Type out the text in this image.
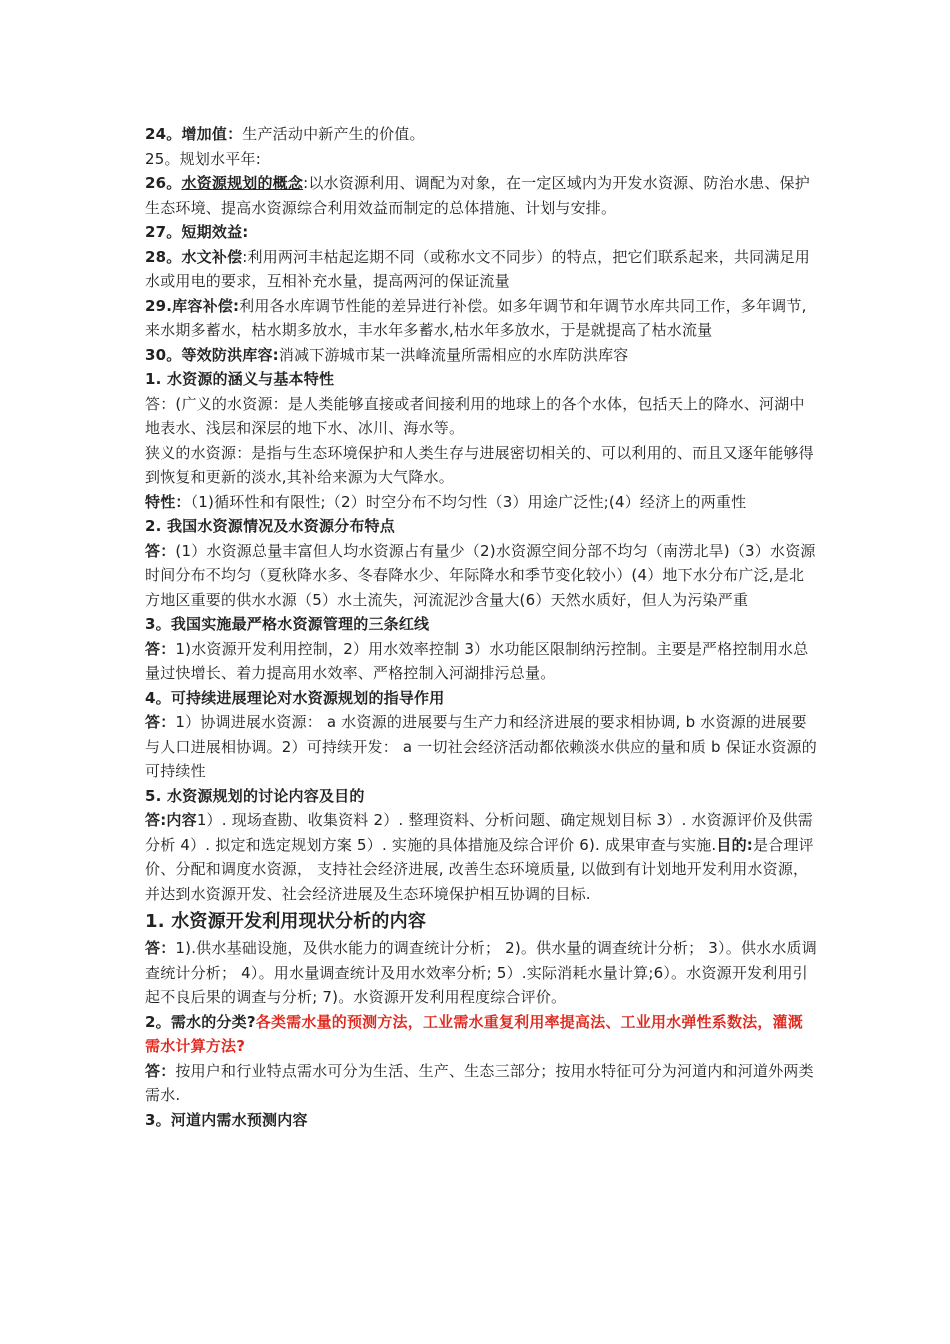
24。增加值：生产活动中新产生的价值。

25。规划水平年:

26。水资源规划的概念:以水资源利用、调配为对象，在一定区域内为开发水资源、防治水患、保护生态环境、提高水资源综合利用效益而制定的总体措施、计划与安排。

27。短期效益:

28。水文补偿:利用两河丰枯起迄期不同（或称水文不同步）的特点，把它们联系起来，共同满足用水或用电的要求，互相补充水量，提高两河的保证流量

29.库容补偿:利用各水库调节性能的差异进行补偿。如多年调节和年调节水库共同工作，多年调节,来水期多蓄水，枯水期多放水，丰水年多蓄水,枯水年多放水，于是就提高了枯水流量

30。等效防洪库容:消减下游城市某一洪峰流量所需相应的水库防洪库容

1. 水资源的涵义与基本特性

答：(广义的水资源：是人类能够直接或者间接利用的地球上的各个水体，包括天上的降水、河湖中地表水、浅层和深层的地下水、冰川、海水等。

狭义的水资源：是指与生态环境保护和人类生存与进展密切相关的、可以利用的、而且又逐年能够得到恢复和更新的淡水,其补给来源为大气降水。

特性：（1)循环性和有限性;（2）时空分布不均匀性（3）用途广泛性;(4）经济上的两重性

2. 我国水资源情况及水资源分布特点

答：(1）水资源总量丰富但人均水资源占有量少（2)水资源空间分部不均匀（南涝北旱)（3）水资源时间分布不均匀（夏秋降水多、冬春降水少、年际降水和季节变化较小）(4）地下水分布广泛,是北方地区重要的供水水源（5）水土流失，河流泥沙含量大(6）天然水质好，但人为污染严重

3。我国实施最严格水资源管理的三条红线

答：1)水资源开发利用控制，2）用水效率控制 3）水功能区限制纳污控制。主要是严格控制用水总量过快增长、着力提高用水效率、严格控制入河湖排污总量。

4。可持续进展理论对水资源规划的指导作用

答：1）协调进展水资源： a 水资源的进展要与生产力和经济进展的要求相协调, b 水资源的进展要与人口进展相协调。2）可持续开发： a 一切社会经济活动都依赖淡水供应的量和质 b 保证水资源的可持续性

5. 水资源规划的讨论内容及目的

答:内容1）. 现场查勘、收集资料 2）. 整理资料、分析问题、确定规划目标 3）. 水资源评价及供需分析 4）. 拟定和选定规划方案 5）. 实施的具体措施及综合评价 6). 成果审查与实施.目的:是合理评价、分配和调度水资源， 支持社会经济进展, 改善生态环境质量, 以做到有计划地开发利用水资源， 并达到水资源开发、社会经济进展及生态环境保护相互协调的目标.

1. 水资源开发利用现状分析的内容

答：1).供水基础设施，及供水能力的调查统计分析； 2)。供水量的调查统计分析； 3）。供水水质调查统计分析； 4）。用水量调查统计及用水效率分析; 5）.实际消耗水量计算;6）。水资源开发利用引起不良后果的调查与分析; 7)。水资源开发利用程度综合评价。

2。需水的分类?各类需水量的预测方法，工业需水重复利用率提高法、工业用水弹性系数法，灌溉需水计算方法?

答：按用户和行业特点需水可分为生活、生产、生态三部分；按用水特征可分为河道内和河道外两类需水.

3。河道内需水预测内容
